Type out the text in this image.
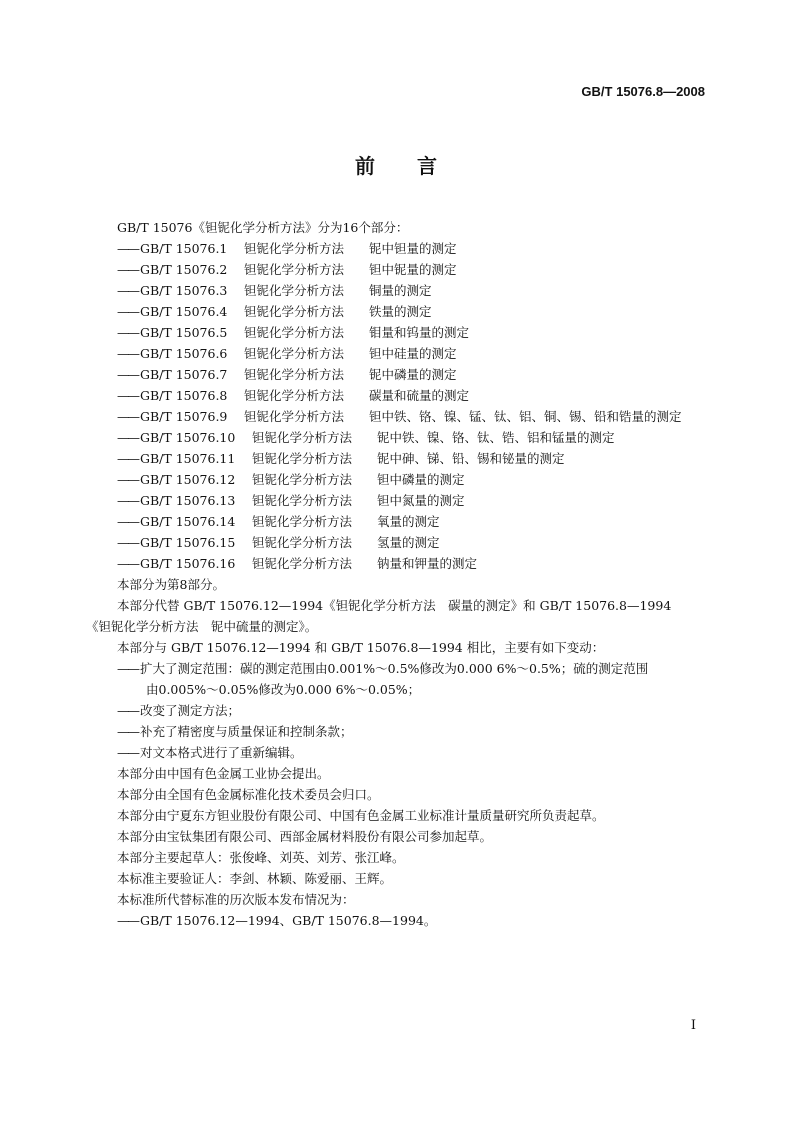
GB/T 15076.8—2008
前 言
GB/T 15076《钽铌化学分析方法》分为16个部分：
—— GB/T 15076.1 钽铌化学分析方法 铌中钽量的测定
—— GB/T 15076.2 钽铌化学分析方法 钽中铌量的测定
—— GB/T 15076.3 钽铌化学分析方法 铜量的测定
—— GB/T 15076.4 钽铌化学分析方法 铁量的测定
—— GB/T 15076.5 钽铌化学分析方法 钼量和钨量的测定
—— GB/T 15076.6 钽铌化学分析方法 钽中硅量的测定
—— GB/T 15076.7 钽铌化学分析方法 铌中磷量的测定
—— GB/T 15076.8 钽铌化学分析方法 碳量和硫量的测定
—— GB/T 15076.9 钽铌化学分析方法 钽中铁、铬、镍、锰、钛、铝、铜、锡、铅和锆量的测定
—— GB/T 15076.10 钽铌化学分析方法 铌中铁、镍、铬、钛、锆、铝和锰量的测定
—— GB/T 15076.11 钽铌化学分析方法 铌中砷、锑、铅、锡和铋量的测定
—— GB/T 15076.12 钽铌化学分析方法 钽中磷量的测定
—— GB/T 15076.13 钽铌化学分析方法 钽中氮量的测定
—— GB/T 15076.14 钽铌化学分析方法 氧量的测定
—— GB/T 15076.15 钽铌化学分析方法 氢量的测定
—— GB/T 15076.16 钽铌化学分析方法 钠量和钾量的测定
本部分为第8部分。
本部分代替 GB/T 15076.12—1994《钽铌化学分析方法　碳量的测定》和 GB/T 15076.8—1994
《钽铌化学分析方法　铌中硫量的测定》。
本部分与 GB/T 15076.12—1994 和 GB/T 15076.8—1994 相比，主要有如下变动：
—— 扩大了测定范围：碳的测定范围由0.001%～0.5%修改为0.000 6%～0.5%；硫的测定范围
由0.005%～0.05%修改为0.000 6%～0.05%；
—— 改变了测定方法；
—— 补充了精密度与质量保证和控制条款；
—— 对文本格式进行了重新编辑。
本部分由中国有色金属工业协会提出。
本部分由全国有色金属标准化技术委员会归口。
本部分由宁夏东方钽业股份有限公司、中国有色金属工业标准计量质量研究所负责起草。
本部分由宝钛集团有限公司、西部金属材料股份有限公司参加起草。
本部分主要起草人：张俊峰、刘英、刘芳、张江峰。
本标准主要验证人：李剑、林颖、陈爱丽、王辉。
本标准所代替标准的历次版本发布情况为：
—— GB/T 15076.12—1994、GB/T 15076.8—1994。
I
